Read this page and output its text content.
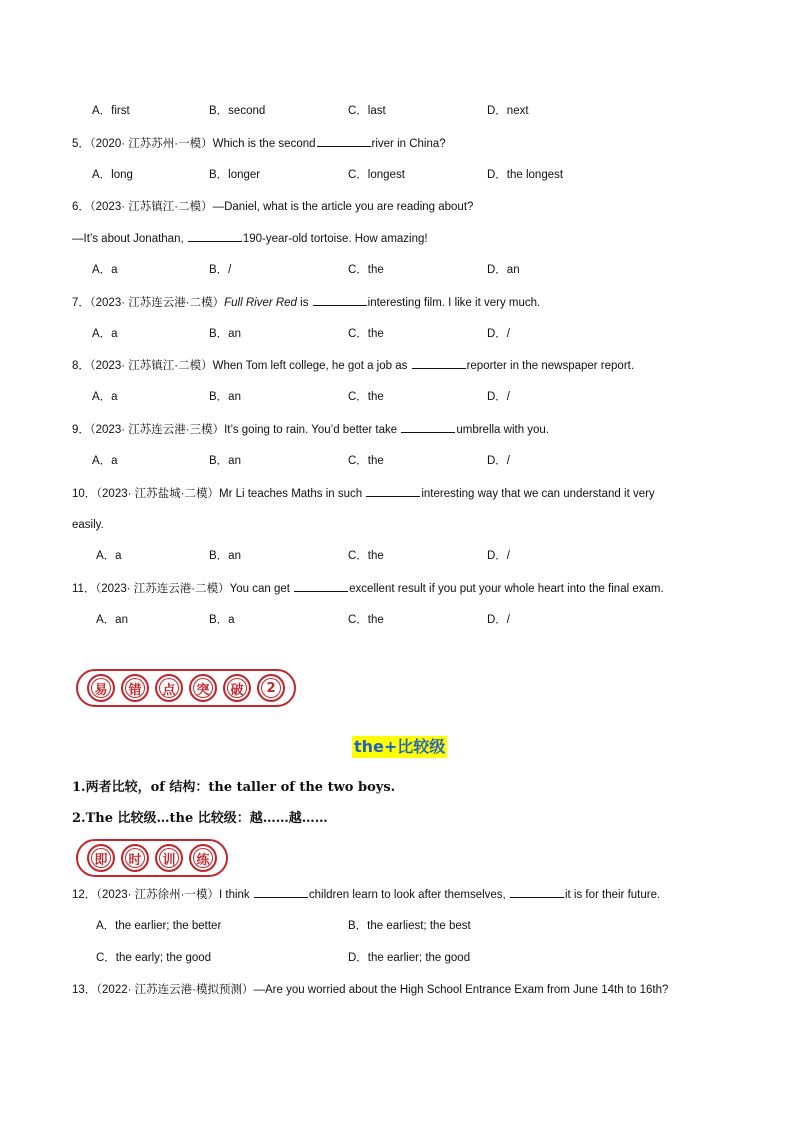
A．first	B．second	C．last	D．next
5．（2020· 江苏苏州·一模）Which is the second	river in China?
A．long	B．longer	C．longest	D．the longest
6．（2023· 江苏镇江·二模）—Daniel, what is the article you are reading about?
—It’s about Jonathan,	190-year-old tortoise. How amazing!
A．a	B．/	C．the	D．an
7．（2023· 江苏连云港·二模）Full River Red is	interesting film. I like it very much.
A．a	B．an	C．the	D．/
8．（2023· 江苏镇江·二模）When Tom left college, he got a job as	reporter in the newspaper report.
A．a	B．an	C．the	D．/
9．（2023· 江苏连云港·三模）It’s going to rain. You’d better take	umbrella with you.
A．a	B．an	C．the	D．/
10．（2023· 江苏盐城·二模）Mr Li teaches Maths in such	interesting way that we can understand it very
easily.
A．a	B．an	C．the	D．/
11．（2023· 江苏连云港·二模）You can get	excellent result if you put your whole heart into the final exam.
A．an	B．a	C．the	D．/
易	错	点	突	破	2
the+比较级
1.两者比较，of 结构：the taller of the two boys.
2.The 比较级…the 比较级：越……越……
即	时	训	练
12．（2023· 江苏徐州·一模）I think	children learn to look after themselves,	it is for their future.
A．the earlier; the better	B．the earliest; the best
C．the early; the good	D．the earlier; the good
13．（2022· 江苏连云港·模拟预测）—Are you worried about the High School Entrance Exam from June 14th to 16th?
